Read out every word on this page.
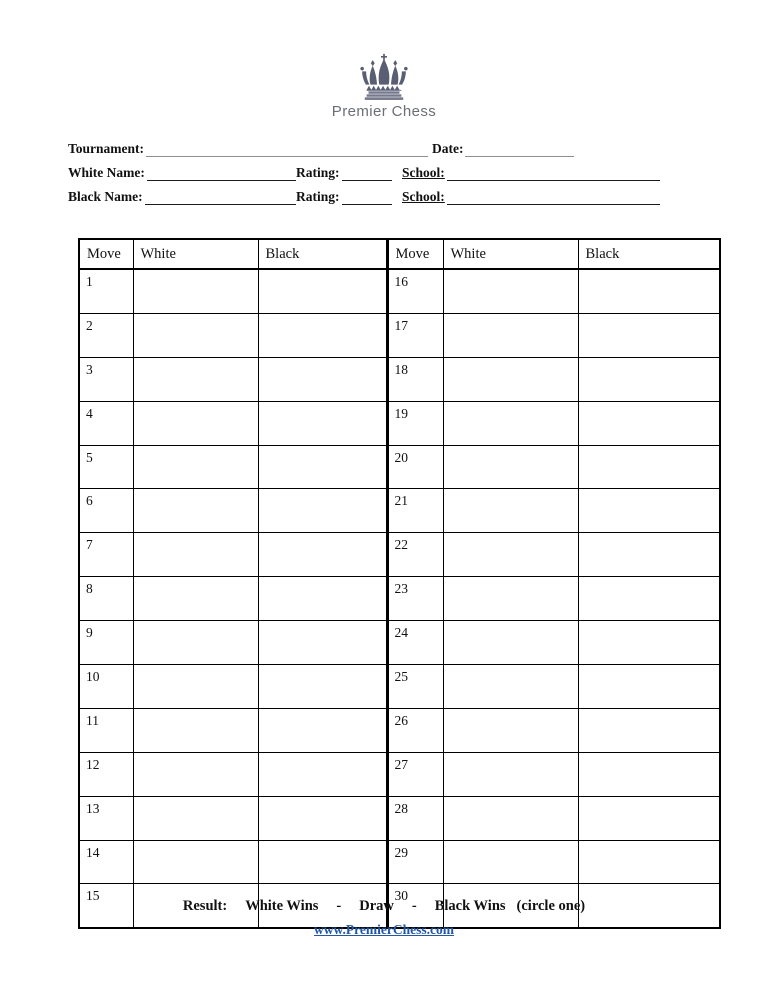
Premier Chess
Tournament:	Date:
White Name:	Rating:	School:
Black Name:	Rating:	School:
Move	White	Black	Move	White	Black
1			16		
2			17		
3			18		
4			19		
5			20		
6			21		
7			22		
8			23		
9			24		
10			25		
11			26		
12			27		
13			28		
14			29		
15			30		
Result: White Wins - Draw - Black Wins (circle one)
www.PremierChess.com
